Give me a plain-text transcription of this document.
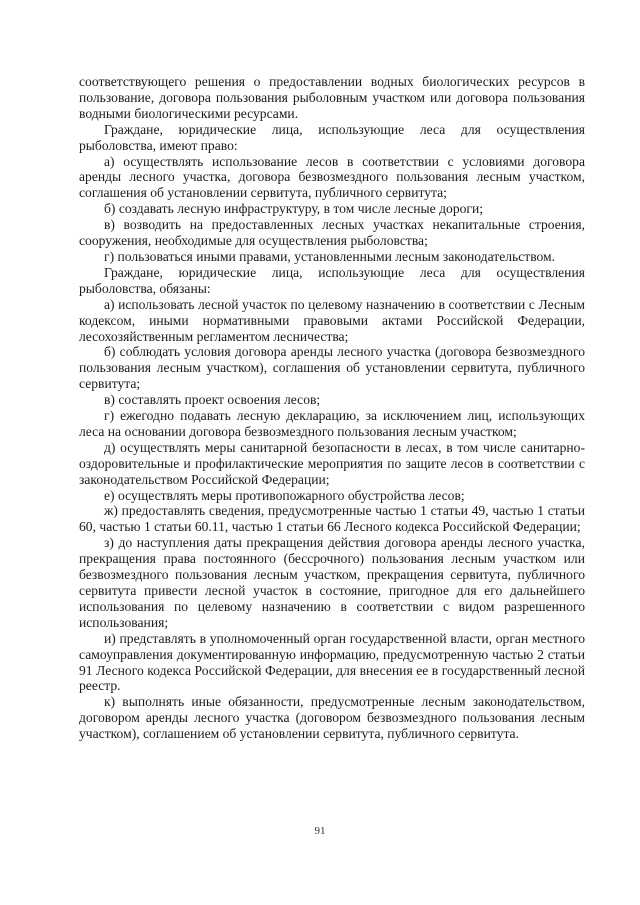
соответствующего решения о предоставлении водных биологических ресурсов в пользование, договора пользования рыболовным участком или договора пользования водными биологическими ресурсами.

Граждане, юридические лица, использующие леса для осуществления рыболовства, имеют право:

а) осуществлять использование лесов в соответствии с условиями договора аренды лесного участка, договора безвозмездного пользования лесным участком, соглашения об установлении сервитута, публичного сервитута;

б) создавать лесную инфраструктуру, в том числе лесные дороги;

в) возводить на предоставленных лесных участках некапитальные строения, сооружения, необходимые для осуществления рыболовства;

г) пользоваться иными правами, установленными лесным законодательством.

Граждане, юридические лица, использующие леса для осуществления рыболовства, обязаны:

а) использовать лесной участок по целевому назначению в соответствии с Лесным кодексом, иными нормативными правовыми актами Российской Федерации, лесохозяйственным регламентом лесничества;

б) соблюдать условия договора аренды лесного участка (договора безвозмездного пользования лесным участком), соглашения об установлении сервитута, публичного сервитута;

в) составлять проект освоения лесов;

г) ежегодно подавать лесную декларацию, за исключением лиц, использующих леса на основании договора безвозмездного пользования лесным участком;

д) осуществлять меры санитарной безопасности в лесах, в том числе санитарно-оздоровительные и профилактические мероприятия по защите лесов в соответствии с законодательством Российской Федерации;

е) осуществлять меры противопожарного обустройства лесов;

ж) предоставлять сведения, предусмотренные частью 1 статьи 49, частью 1 статьи 60, частью 1 статьи 60.11, частью 1 статьи 66 Лесного кодекса Российской Федерации;

з) до наступления даты прекращения действия договора аренды лесного участка, прекращения права постоянного (бессрочного) пользования лесным участком или безвозмездного пользования лесным участком, прекращения сервитута, публичного сервитута привести лесной участок в состояние, пригодное для его дальнейшего использования по целевому назначению в соответствии с видом разрешенного использования;

и) представлять в уполномоченный орган государственной власти, орган местного самоуправления документированную информацию, предусмотренную частью 2 статьи 91 Лесного кодекса Российской Федерации, для внесения ее в государственный лесной реестр.

к) выполнять иные обязанности, предусмотренные лесным законодательством, договором аренды лесного участка (договором безвозмездного пользования лесным участком), соглашением об установлении сервитута, публичного сервитута.

91
